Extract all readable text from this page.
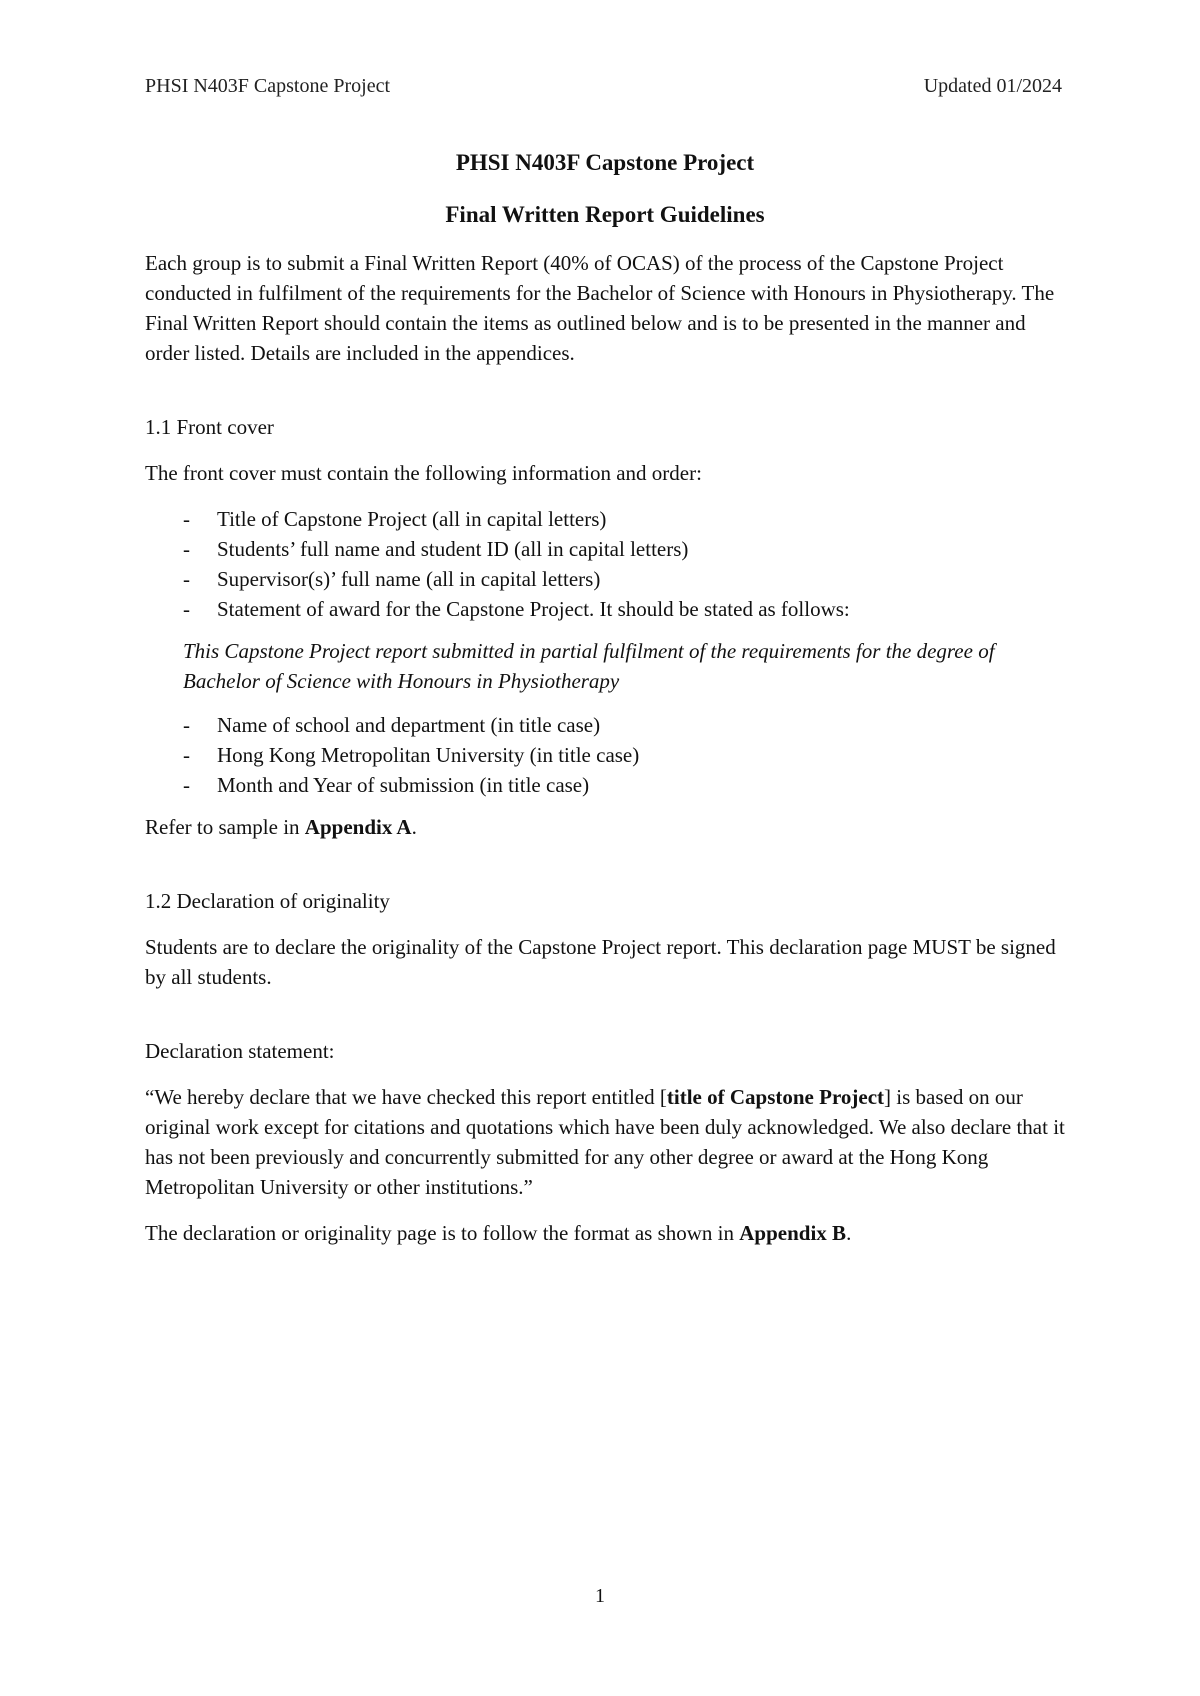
PHSI N403F Capstone Project	Updated 01/2024
PHSI N403F Capstone Project
Final Written Report Guidelines

Each group is to submit a Final Written Report (40% of OCAS) of the process of the Capstone Project conducted in fulfilment of the requirements for the Bachelor of Science with Honours in Physiotherapy. The Final Written Report should contain the items as outlined below and is to be presented in the manner and order listed. Details are included in the appendices.

1.1 Front cover

The front cover must contain the following information and order:

- Title of Capstone Project (all in capital letters)
- Students’ full name and student ID (all in capital letters)
- Supervisor(s)’ full name (all in capital letters)
- Statement of award for the Capstone Project. It should be stated as follows:

This Capstone Project report submitted in partial fulfilment of the requirements for the degree of Bachelor of Science with Honours in Physiotherapy

- Name of school and department (in title case)
- Hong Kong Metropolitan University (in title case)
- Month and Year of submission (in title case)

Refer to sample in Appendix A.

1.2 Declaration of originality

Students are to declare the originality of the Capstone Project report. This declaration page MUST be signed by all students.

Declaration statement:

“We hereby declare that we have checked this report entitled [title of Capstone Project] is based on our original work except for citations and quotations which have been duly acknowledged. We also declare that it has not been previously and concurrently submitted for any other degree or award at the Hong Kong Metropolitan University or other institutions.”

The declaration or originality page is to follow the format as shown in Appendix B.

1
